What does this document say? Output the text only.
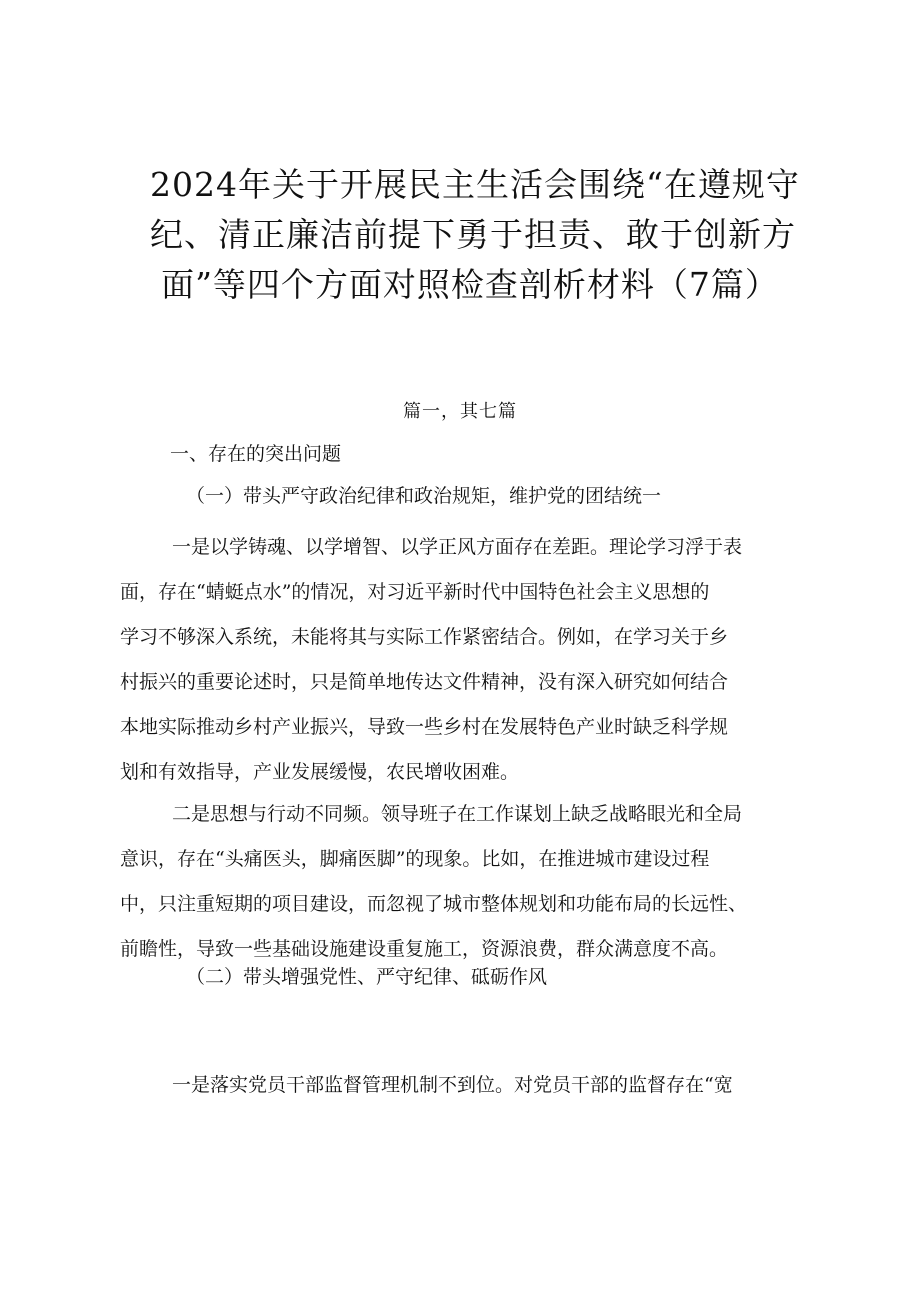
2024年关于开展民主生活会围绕“在遵规守
纪、清正廉洁前提下勇于担责、敢于创新方
面”等四个方面对照检查剖析材料（7篇）
篇一，其七篇
一、存在的突出问题
（一）带头严守政治纪律和政治规矩，维护党的团结统一
一是以学铸魂、以学增智、以学正风方面存在差距。理论学习浮于表
面，存在“蜻蜓点水”的情况，对习近平新时代中国特色社会主义思想的
学习不够深入系统，未能将其与实际工作紧密结合。例如，在学习关于乡
村振兴的重要论述时，只是简单地传达文件精神，没有深入研究如何结合
本地实际推动乡村产业振兴，导致一些乡村在发展特色产业时缺乏科学规
划和有效指导，产业发展缓慢，农民增收困难。
二是思想与行动不同频。领导班子在工作谋划上缺乏战略眼光和全局
意识，存在“头痛医头，脚痛医脚”的现象。比如，在推进城市建设过程
中，只注重短期的项目建设，而忽视了城市整体规划和功能布局的长远性、
前瞻性，导致一些基础设施建设重复施工，资源浪费，群众满意度不高。
（二）带头增强党性、严守纪律、砥砺作风
一是落实党员干部监督管理机制不到位。对党员干部的监督存在“宽
